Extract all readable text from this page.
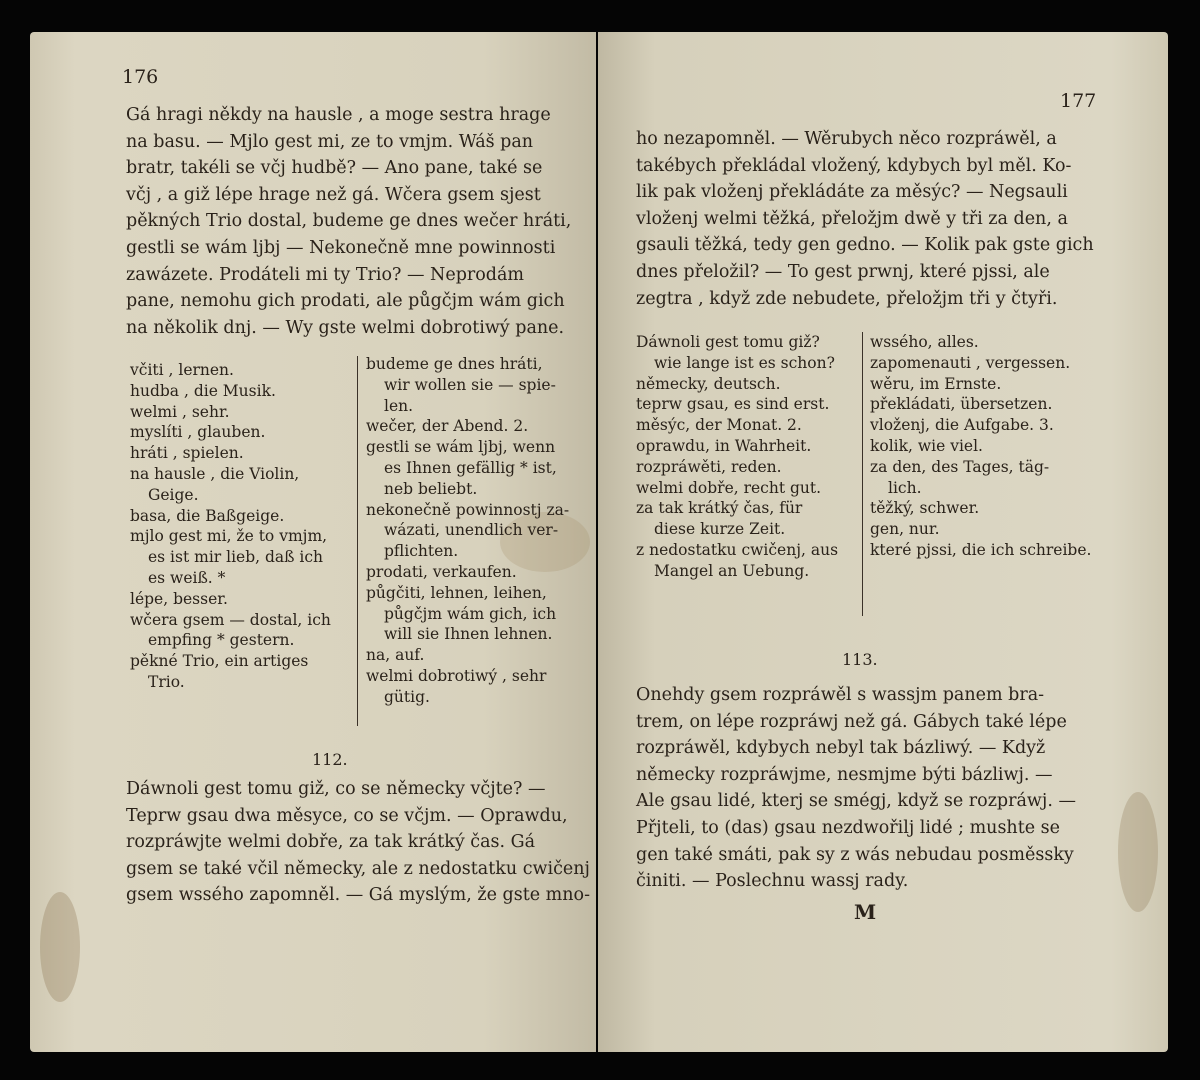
176
Gá hragi někdy na hausle , a moge sestra hrage
na basu. — Mjlo gest mi, ze to vmjm. Wáš pan
bratr, takéli se včj hudbě? — Ano pane, také se
včj , a giž lépe hrage než gá. Wčera gsem sjest
pěkných Trio dostal, budeme ge dnes wečer hráti,
gestli se wám ljbj — Nekonečně mne powinnosti
zawázete. Prodáteli mi ty Trio? — Neprodám
pane, nemohu gich prodati, ale půgčjm wám gich
na několik dnj. — Wy gste welmi dobrotiwý pane.
včiti , lernen.
hudba , die Musik.
welmi , sehr.
myslíti , glauben.
hráti , spielen.
na hausle , die Violin,
Geige.
basa, die Baßgeige.
mjlo gest mi, že to vmjm,
es ist mir lieb, daß ich
es weiß. *
lépe, besser.
wčera gsem — dostal, ich
empfing * gestern.
pěkné Trio, ein artiges
Trio.
budeme ge dnes hráti,
wir wollen sie — spie-
len.
wečer, der Abend. 2.
gestli se wám ljbj, wenn
es Ihnen gefällig * ist,
neb beliebt.
nekonečně powinnostj za-
wázati, unendlich ver-
pflichten.
prodati, verkaufen.
půgčiti, lehnen, leihen,
půgčjm wám gich, ich
will sie Ihnen lehnen.
na, auf.
welmi dobrotiwý , sehr
gütig.
112.
Dáwnoli gest tomu giž, co se německy včjte? —
Teprw gsau dwa měsyce, co se včjm. — Oprawdu,
rozpráwjte welmi dobře, za tak krátký čas. Gá
gsem se také včil německy, ale z nedostatku cwičenj
gsem wssého zapomněl. — Gá myslým, že gste mno-
177
ho nezapomněl. — Wěrubych něco rozpráwěl, a
takébych překládal vložený, kdybych byl měl. Ko-
lik pak vloženj překládáte za měsýc? — Negsauli
vloženj welmi těžká, přeložjm dwě y tři za den, a
gsauli těžká, tedy gen gedno. — Kolik pak gste gich
dnes přeložil? — To gest prwnj, které pjssi, ale
zegtra , když zde nebudete, přeložjm tři y čtyři.
Dáwnoli gest tomu giž?
wie lange ist es schon?
německy, deutsch.
teprw gsau, es sind erst.
měsýc, der Monat. 2.
oprawdu, in Wahrheit.
rozpráwěti, reden.
welmi dobře, recht gut.
za tak krátký čas, für
diese kurze Zeit.
z nedostatku cwičenj, aus
Mangel an Uebung.
wssého, alles.
zapomenauti , vergessen.
wěru, im Ernste.
překládati, übersetzen.
vloženj, die Aufgabe. 3.
kolik, wie viel.
za den, des Tages, täg-
lich.
těžký, schwer.
gen, nur.
které pjssi, die ich schreibe.
113.
Onehdy gsem rozpráwěl s wassjm panem bra-
trem, on lépe rozpráwj než gá. Gábych také lépe
rozpráwěl, kdybych nebyl tak bázliwý. — Když
německy rozpráwjme, nesmjme býti bázliwj. —
Ale gsau lidé, kterj se smégj, když se rozpráwj. —
Přjteli, to (das) gsau nezdwořilj lidé ; mushte se
gen také smáti, pak sy z wás nebudau posměssky
činiti. — Poslechnu wassj rady.
M
